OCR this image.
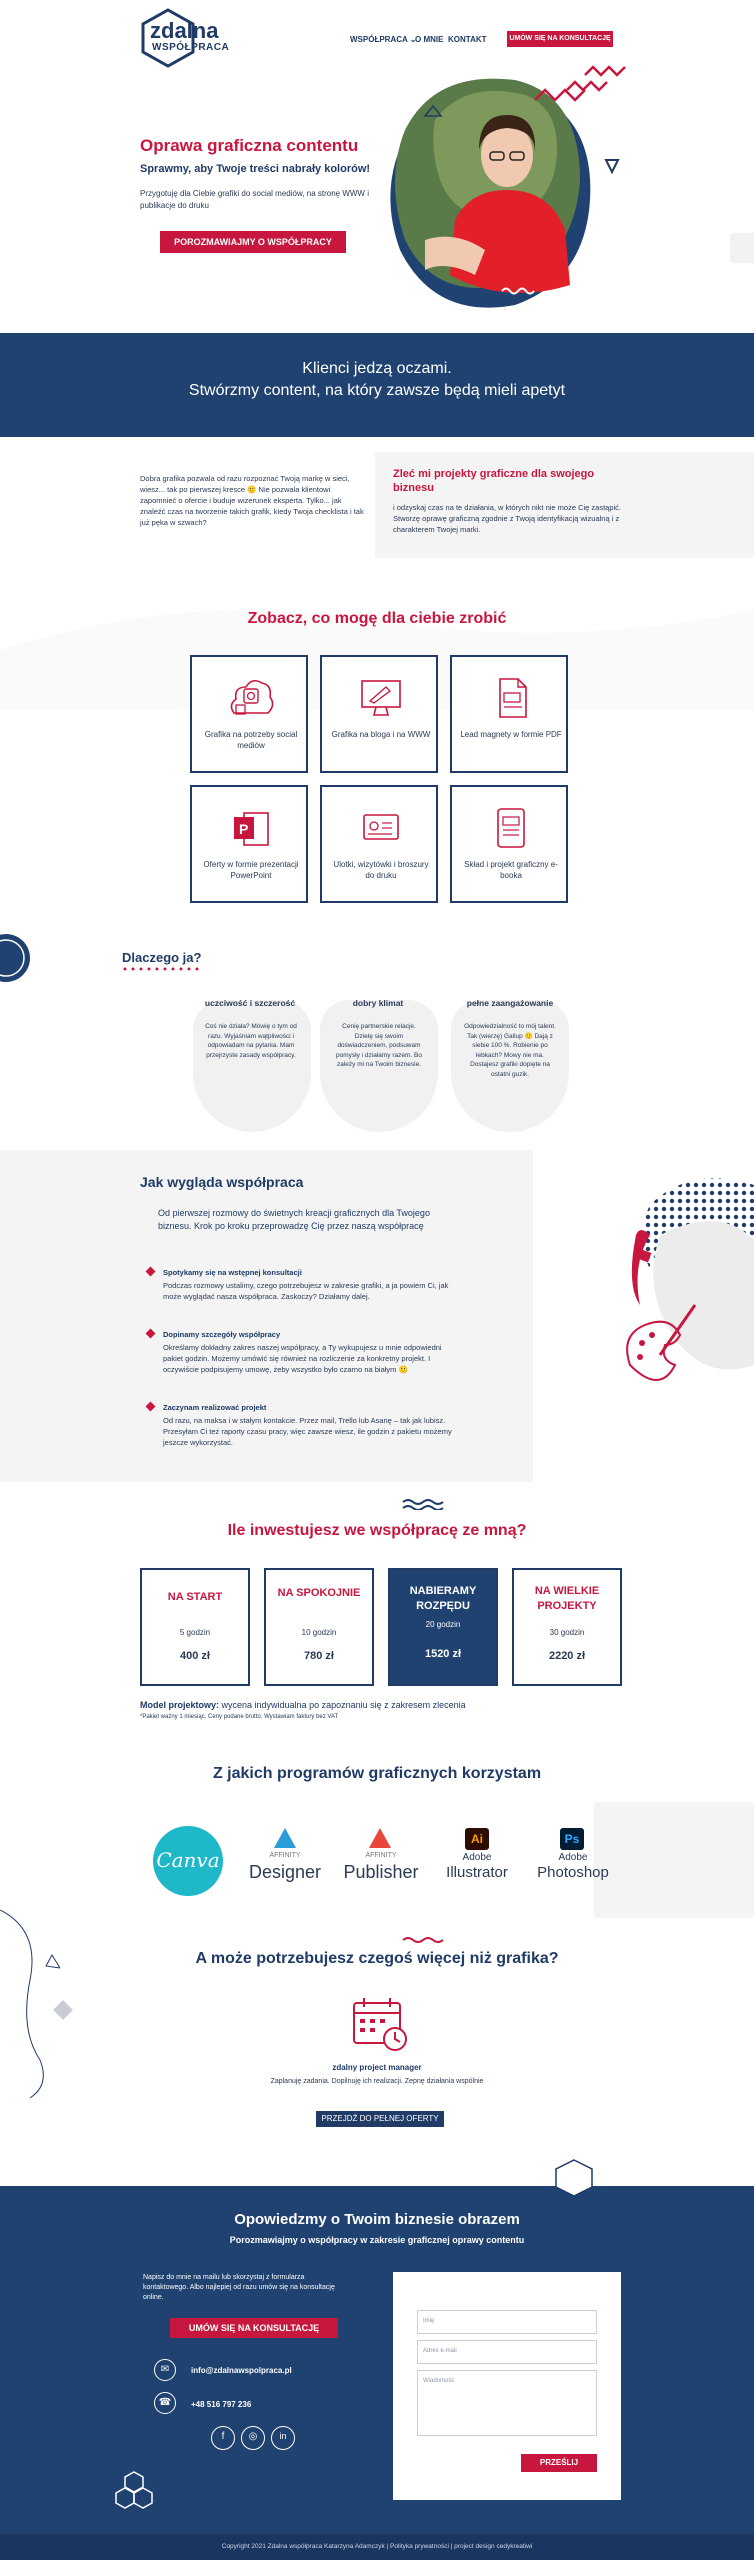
zdalna
WSPÓŁPRACA
WSPÓŁPRACA ⌄
O MNIE KONTAKT	UMÓW SIĘ NA KONSULTACJĘ
Oprawa graficzna contentu
Sprawmy, aby Twoje treści nabrały kolorów!
Przygotuję dla Ciebie grafiki do social mediów, na stronę WWW i publikacje do druku
POROZMAWIAJMY O WSPÓŁPRACY
Klienci jedzą oczami.
Stwórzmy content, na który zawsze będą mieli apetyt
Dobra grafika pozwala od razu rozpoznać Twoją markę w sieci, wiesz... tak po pierwszej kresce 🙂 Nie pozwala klientowi zapomnieć o ofercie i buduje wizerunek eksperta. Tylko... jak znaleźć czas na tworzenie takich grafik, kiedy Twoja checklista i tak już pęka w szwach?
Zleć mi projekty graficzne dla swojego biznesu
i odzyskaj czas na te działania, w których nikt nie może Cię zastąpić. Stworzę oprawę graficzną zgodnie z Twoją identyfikacją wizualną i z charakterem Twojej marki.
Zobacz, co mogę dla ciebie zrobić
Grafika na potrzeby social mediów
Grafika na bloga i na WWW	Lead magnety w formie PDF
P
Oferty w formie prezentacji PowerPoint
Ulotki, wizytówki i broszury do druku
Skład i projekt graficzny e-booka
Dlaczego ja?
uczciwość i szczerość	dobry klimat	pełne zaangażowanie
Coś nie działa? Mówię o tym od razu. Wyjaśniam wątpliwości i odpowiadam na pytania. Mam przejrzyste zasady współpracy.
Cenię partnerskie relacje. Dzielę się swoim doświadczeniem, podsuwam pomysły i działamy razem. Bo zależy mi na Twoim biznesie.
Odpowiedzialność to mój talent. Tak (wierzę) Gallup 🙂 Dają z siebie 100 %. Robienie po łebkach? Mowy nie ma. Dostajesz grafiki dopięte na ostatni guzik.
Jak wygląda współpraca
Od pierwszej rozmowy do świetnych kreacji graficznych dla Twojego biznesu. Krok po kroku przeprowadzę Cię przez naszą współpracę
Spotykamy się na wstępnej konsultacji
Podczas rozmowy ustalimy, czego potrzebujesz w zakresie grafiki, a ja powiem Ci, jak może wyglądać nasza współpraca. Zaskoczy? Działamy dalej.
Dopinamy szczegóły współpracy
Określamy dokładny zakres naszej współpracy, a Ty wykupujesz u mnie odpowiedni pakiet godzin. Możemy umówić się również na rozliczenie za konkretny projekt. I oczywiście podpisujemy umowę, żeby wszystko było czarno na białym 🙂
Zaczynam realizować projekt
Od razu, na maksa i w stałym kontakcie. Przez mail, Trello lub Asanę – tak jak lubisz. Przesyłam Ci też raporty czasu pracy, więc zawsze wiesz, ile godzin z pakietu możemy jeszcze wykorzystać.
Ile inwestujesz we współpracę ze mną?
NA START
5 godzin
400 zł
NA SPOKOJNIE
10 godzin
780 zł
NABIERAMY ROZPĘDU
20 godzin
1520 zł
NA WIELKIE PROJEKTY
30 godzin
2220 zł
Model projektowy: wycena indywidualna po zapoznaniu się z zakresem zlecenia
*Pakiet ważny 1 miesiąc. Ceny podane brutto. Wystawiam faktury bez VAT
Z jakich programów graficznych korzystam
Canva	AFFINITY
Designer
AFFINITY
Publisher
Ai
Adobe
Illustrator
Ps
Adobe
Photoshop
A może potrzebujesz czegoś więcej niż grafika?
zdalny project manager
Zaplanuję zadania. Dopilnuję ich realizacji. Zepnę działania wspólnie
PRZEJDŹ DO PEŁNEJ OFERTY
Opowiedzmy o Twoim biznesie obrazem
Porozmawiajmy o współpracy w zakresie graficznej oprawy contentu
Napisz do mnie na mailu lub skorzystaj z formularza kontaktowego. Albo najlepiej od razu umów się na konsultację online.
UMÓW SIĘ NA KONSULTACJĘ
✉	info@zdalnawspolpraca.pl
☎	+48 516 797 236
f	◎	in
Imię
Adres e-mail
Wiadomość
PRZEŚLIJ
Copyright 2021 Zdalna współpraca Katarzyna Adamczyk | Polityka prywatności | project design cedykreatiwi
